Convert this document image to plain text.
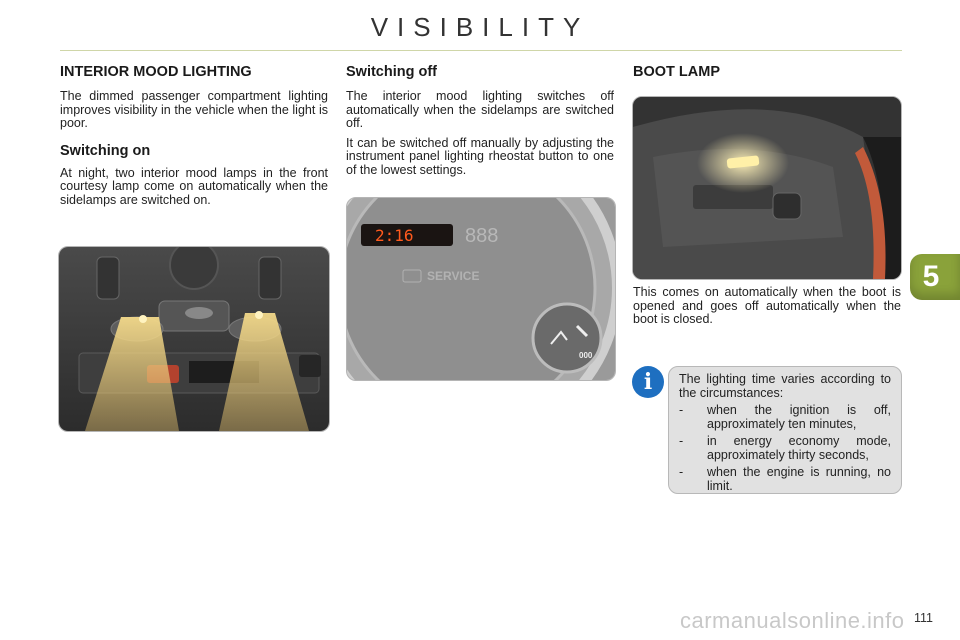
VISIBILITY
INTERIOR MOOD LIGHTING

The dimmed passenger compartment lighting improves visibility in the vehicle when the light is poor.

Switching on

At night, two interior mood lamps in the front courtesy lamp come on automatically when the sidelamps are switched on.

Switching off

The interior mood lighting switches off automatically when the sidelamps are switched off.

It can be switched off manually by adjusting the instrument panel lighting rheostat button to one of the lowest settings.

2:16	888
SERVICE
000
BOOT LAMP

This comes on automatically when the boot is opened and goes off automatically when the boot is closed.

i	The lighting time varies according to the circumstances:

- when the ignition is off, approximately ten minutes,
- in energy economy mode, approximately thirty seconds,
- when the engine is running, no limit.
5
carmanualsonline.info 111
